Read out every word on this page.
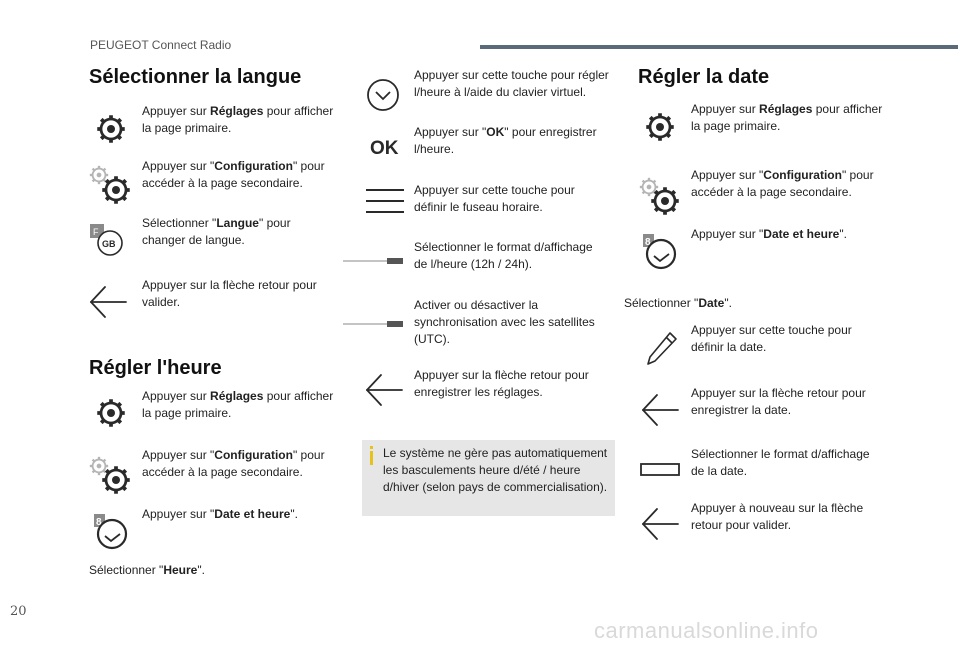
PEUGEOT Connect Radio
Sélectionner la langue
Appuyer sur Réglages pour afficher
la page primaire.
Appuyer sur "Configuration" pour
accéder à la page secondaire.
F
GB
Sélectionner "Langue" pour
changer de langue.
Appuyer sur la flèche retour pour
valider.
Régler l'heure
Appuyer sur Réglages pour afficher
la page primaire.
Appuyer sur "Configuration" pour
accéder à la page secondaire.
8
Appuyer sur "Date et heure".
Sélectionner "Heure".
Appuyer sur cette touche pour régler
l/heure à l/aide du clavier virtuel.
OK
Appuyer sur "OK" pour enregistrer
l/heure.
Appuyer sur cette touche pour
définir le fuseau horaire.
Sélectionner le format d/affichage
de l/heure (12h / 24h).
Activer ou désactiver la
synchronisation avec les satellites
(UTC).
Appuyer sur la flèche retour pour
enregistrer les réglages.
Le système ne gère pas automatiquement
les basculements heure d/été / heure
d/hiver (selon pays de commercialisation).
Régler la date
Appuyer sur Réglages pour afficher
la page primaire.
Appuyer sur "Configuration" pour
accéder à la page secondaire.
8
Appuyer sur "Date et heure".
Sélectionner "Date".
Appuyer sur cette touche pour
définir la date.
Appuyer sur la flèche retour pour
enregistrer la date.
Sélectionner le format d/affichage
de la date.
Appuyer à nouveau sur la flèche
retour pour valider.
20
carmanualsonline.info
